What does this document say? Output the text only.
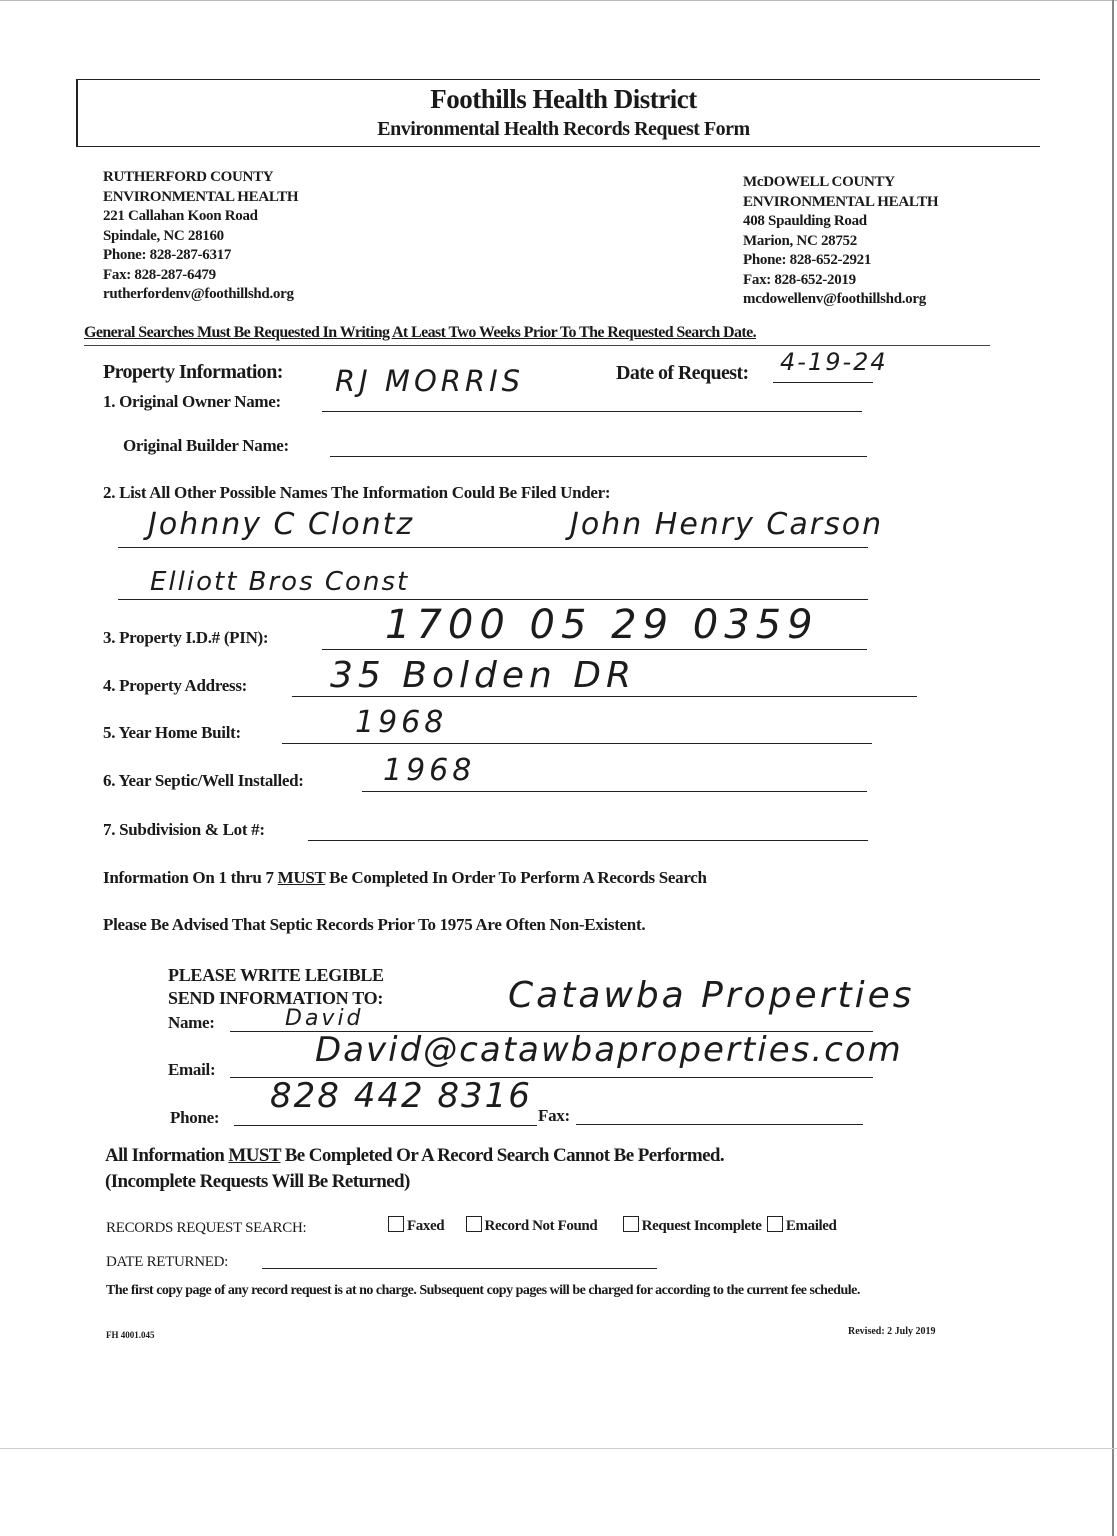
Foothills Health District
Environmental Health Records Request Form
RUTHERFORD COUNTY
ENVIRONMENTAL HEALTH
221 Callahan Koon Road
Spindale, NC 28160
Phone: 828-287-6317
Fax: 828-287-6479
rutherfordenv@foothillshd.org
McDOWELL COUNTY
ENVIRONMENTAL HEALTH
408 Spaulding Road
Marion, NC 28752
Phone: 828-652-2921
Fax: 828-652-2019
mcdowellenv@foothillshd.org
General Searches Must Be Requested In Writing At Least Two Weeks Prior To The Requested Search Date.
Property Information:	Date of Request: 4-19-24
1. Original Owner Name:
RJ MORRIS
Original Builder Name:
2. List All Other Possible Names The Information Could Be Filed Under:
Johnny C Clontz	John Henry Carson
Elliott Bros Const
3. Property I.D.# (PIN):	1700 05 29 0359
4. Property Address: 35 Bolden DR
5. Year Home Built:	1968
6. Year Septic/Well Installed:	1968
7. Subdivision & Lot #:
Information On 1 thru 7 MUST Be Completed In Order To Perform A Records Search
Please Be Advised That Septic Records Prior To 1975 Are Often Non-Existent.
PLEASE WRITE LEGIBLE
SEND INFORMATION TO:	Catawba Properties
Name:	David
Email:	David@catawbaproperties.com
Phone:
828 442 8316 Fax:
All Information MUST Be Completed Or A Record Search Cannot Be Performed.
(Incomplete Requests Will Be Returned)
RECORDS REQUEST SEARCH:	Faxed	Record Not Found	Request Incomplete Emailed
DATE RETURNED:
The first copy page of any record request is at no charge. Subsequent copy pages will be charged for according to the current fee schedule.
FH 4001.045	Revised: 2 July 2019
